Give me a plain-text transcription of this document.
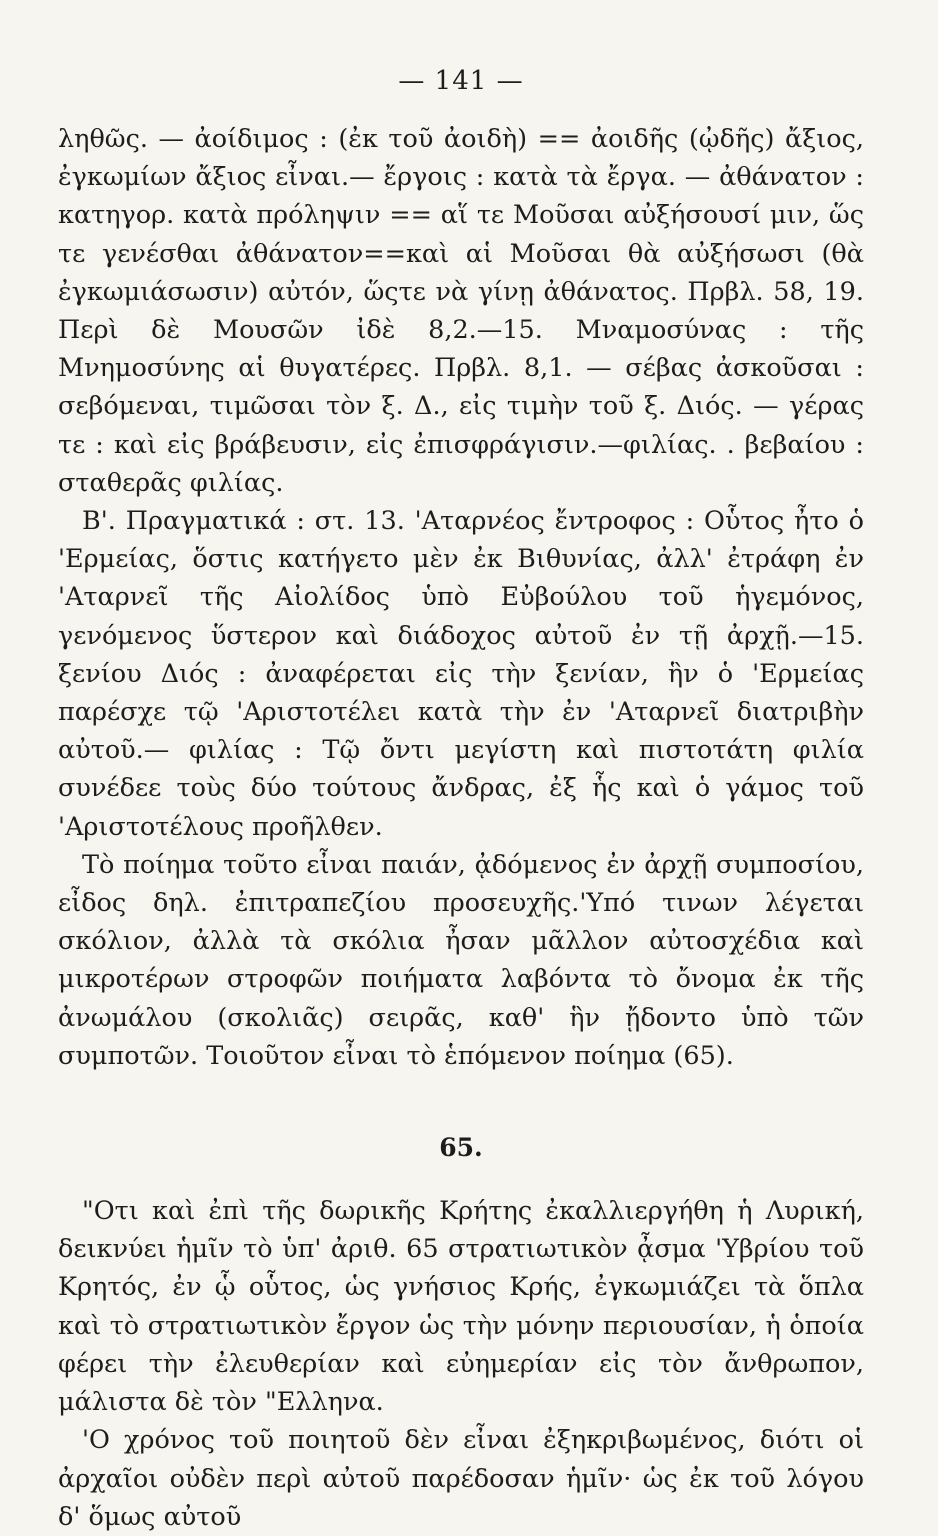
— 141 —

ληθῶς. — ἀοίδιμος : (ἐκ τοῦ ἀοιδὴ) == ἀοιδῆς (ᾠδῆς) ἄξιος, ἐγκωμίων ἄξιος εἶναι.— ἔργοις : κατὰ τὰ ἔργα. — ἀθάνατον : κατηγορ. κατὰ πρόληψιν == αἵ τε Μοῦσαι αὐξήσουσί μιν, ὥς τε γενέσθαι ἀθάνατον==καὶ αἱ Μοῦσαι θὰ αὐξήσωσι (θὰ ἐγκωμιάσωσιν) αὐτόν, ὥςτε νὰ γίνῃ ἀθάνατος. Πρβλ. 58, 19. Περὶ δὲ Μουσῶν ἰδὲ 8,2.—15. Μναμοσύνας : τῆς Μνημοσύνης αἱ θυγατέρες. Πρβλ. 8,1. — σέβας ἀσκοῦσαι : σεβόμεναι, τιμῶσαι τὸν ξ. Δ., εἰς τιμὴν τοῦ ξ. Διός. — γέρας τε : καὶ εἰς βράβευσιν, εἰς ἐπισφράγισιν.—φιλίας. . βεβαίου : σταθερᾶς φιλίας.

Β'. Πραγματικά : στ. 13. 'Αταρνέος ἔντροφος : Οὗτος ἦτο ὁ 'Ερμείας, ὅστις κατήγετο μὲν ἐκ Βιθυνίας, ἀλλ' ἐτράφη ἐν 'Αταρνεῖ τῆς Αἰολίδος ὑπὸ Εὐβούλου τοῦ ἡγεμόνος, γενόμενος ὕστερον καὶ διάδοχος αὐτοῦ ἐν τῇ ἀρχῇ.—15. ξενίου Διός : ἀναφέρεται εἰς τὴν ξενίαν, ἣν ὁ 'Ερμείας παρέσχε τῷ 'Αριστοτέλει κατὰ τὴν ἐν 'Αταρνεῖ διατριβὴν αὐτοῦ.— φιλίας : Τῷ ὄντι μεγίστη καὶ πιστοτάτη φιλία συνέδεε τοὺς δύο τούτους ἄνδρας, ἐξ ἧς καὶ ὁ γάμος τοῦ 'Αριστοτέλους προῆλθεν.

Τὸ ποίημα τοῦτο εἶναι παιάν, ᾀδόμενος ἐν ἀρχῇ συμποσίου, εἶδος δηλ. ἐπιτραπεζίου προσευχῆς.'Υπό τινων λέγεται σκόλιον, ἀλλὰ τὰ σκόλια ἦσαν μᾶλλον αὐτοσχέδια καὶ μικροτέρων στροφῶν ποιήματα λαβόντα τὸ ὄνομα ἐκ τῆς ἀνωμάλου (σκολιᾶς) σειρᾶς, καθ' ἣν ᾔδοντο ὑπὸ τῶν συμποτῶν. Τοιοῦτον εἶναι τὸ ἑπόμενον ποίημα (65).

65.

"Οτι καὶ ἐπὶ τῆς δωρικῆς Κρήτης ἐκαλλιεργήθη ἡ Λυρική, δεικνύει ἡμῖν τὸ ὑπ' ἀριθ. 65 στρατιωτικὸν ᾆσμα 'Υβρίου τοῦ Κρητός, ἐν ᾧ οὗτος, ὡς γνήσιος Κρής, ἐγκωμιάζει τὰ ὅπλα καὶ τὸ στρατιωτικὸν ἔργον ὡς τὴν μόνην περιουσίαν, ἡ ὁποία φέρει τὴν ἐλευθερίαν καὶ εὐημερίαν εἰς τὸν ἄνθρωπον, μάλιστα δὲ τὸν "Ελληνα.

'Ο χρόνος τοῦ ποιητοῦ δὲν εἶναι ἐξηκριβωμένος, διότι οἱ ἀρχαῖοι οὐδὲν περὶ αὐτοῦ παρέδοσαν ἡμῖν· ὡς ἐκ τοῦ λόγου δ' ὅμως αὐτοῦ
